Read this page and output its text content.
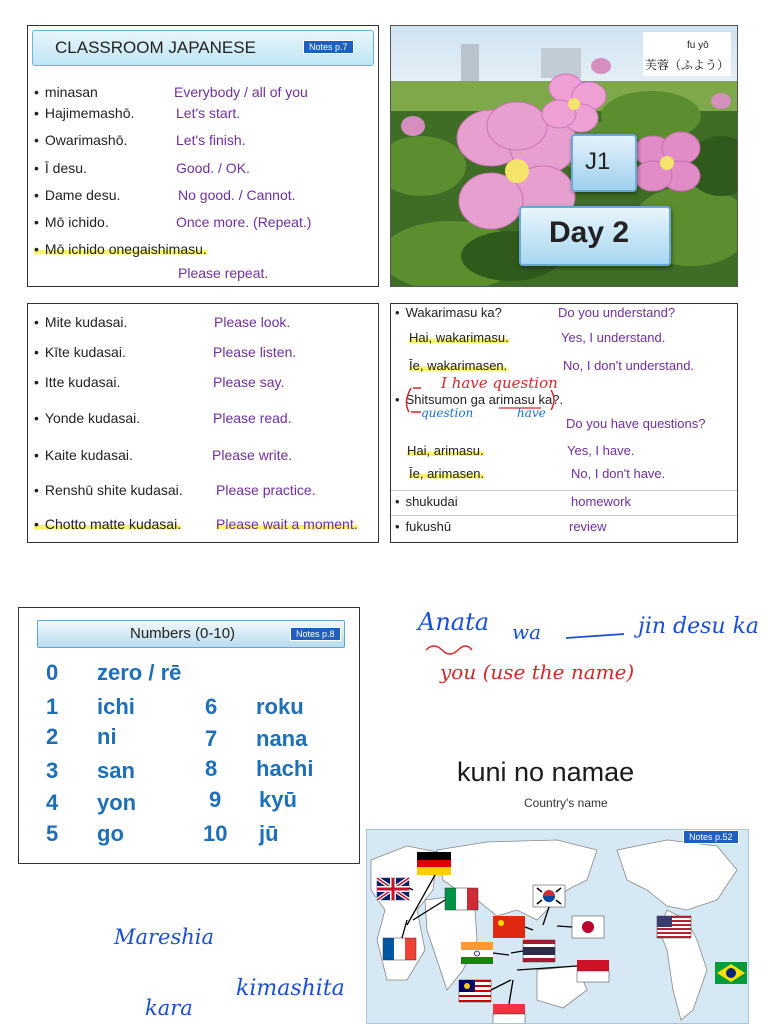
CLASSROOM JAPANESE	Notes p.7
• minasan	Everybody / all of you
• Hajimemashō.	Let's start.
• Owarimashō.	Let's finish.
• Ī desu.	Good. / OK.
• Dame desu.	No good. / Cannot.
• Mō ichido.	Once more. (Repeat.)
• Mō ichido onegaishimasu.
Please repeat.
fu yō
芙蓉（ふよう）
J1
Day 2
• Mite kudasai.	Please look.
• Kīte kudasai.	Please listen.
• Itte kudasai.	Please say.
• Yonde kudasai.	Please read.
• Kaite kudasai.	Please write.
• Renshū shite kudasai. Please practice.
• Chotto matte kudasai. Please wait a moment.
• Wakarimasu ka?	Do you understand?
Hai, wakarimasu.	Yes, I understand.
Īe, wakarimasen.	No, I don't understand.
I have question
• Shitsumon ga arimasu ka?.
question	have
Do you have questions?
Hai, arimasu.	Yes, I have.
Īe, arimasen.	No, I don't have.
• shukudai	homework
• fukushū	review
Numbers (0-10)	Notes p.8
0 zero / rē
1 ichi
2 ni
3 san
4 yon
5 go
6 roku
7 nana
8 hachi
9 kyū
10 jū
Anata wa	jin desu ka
you (use the name)
kuni no namae
Country's name
Notes p.52
Mareshia
kara
kimashita
